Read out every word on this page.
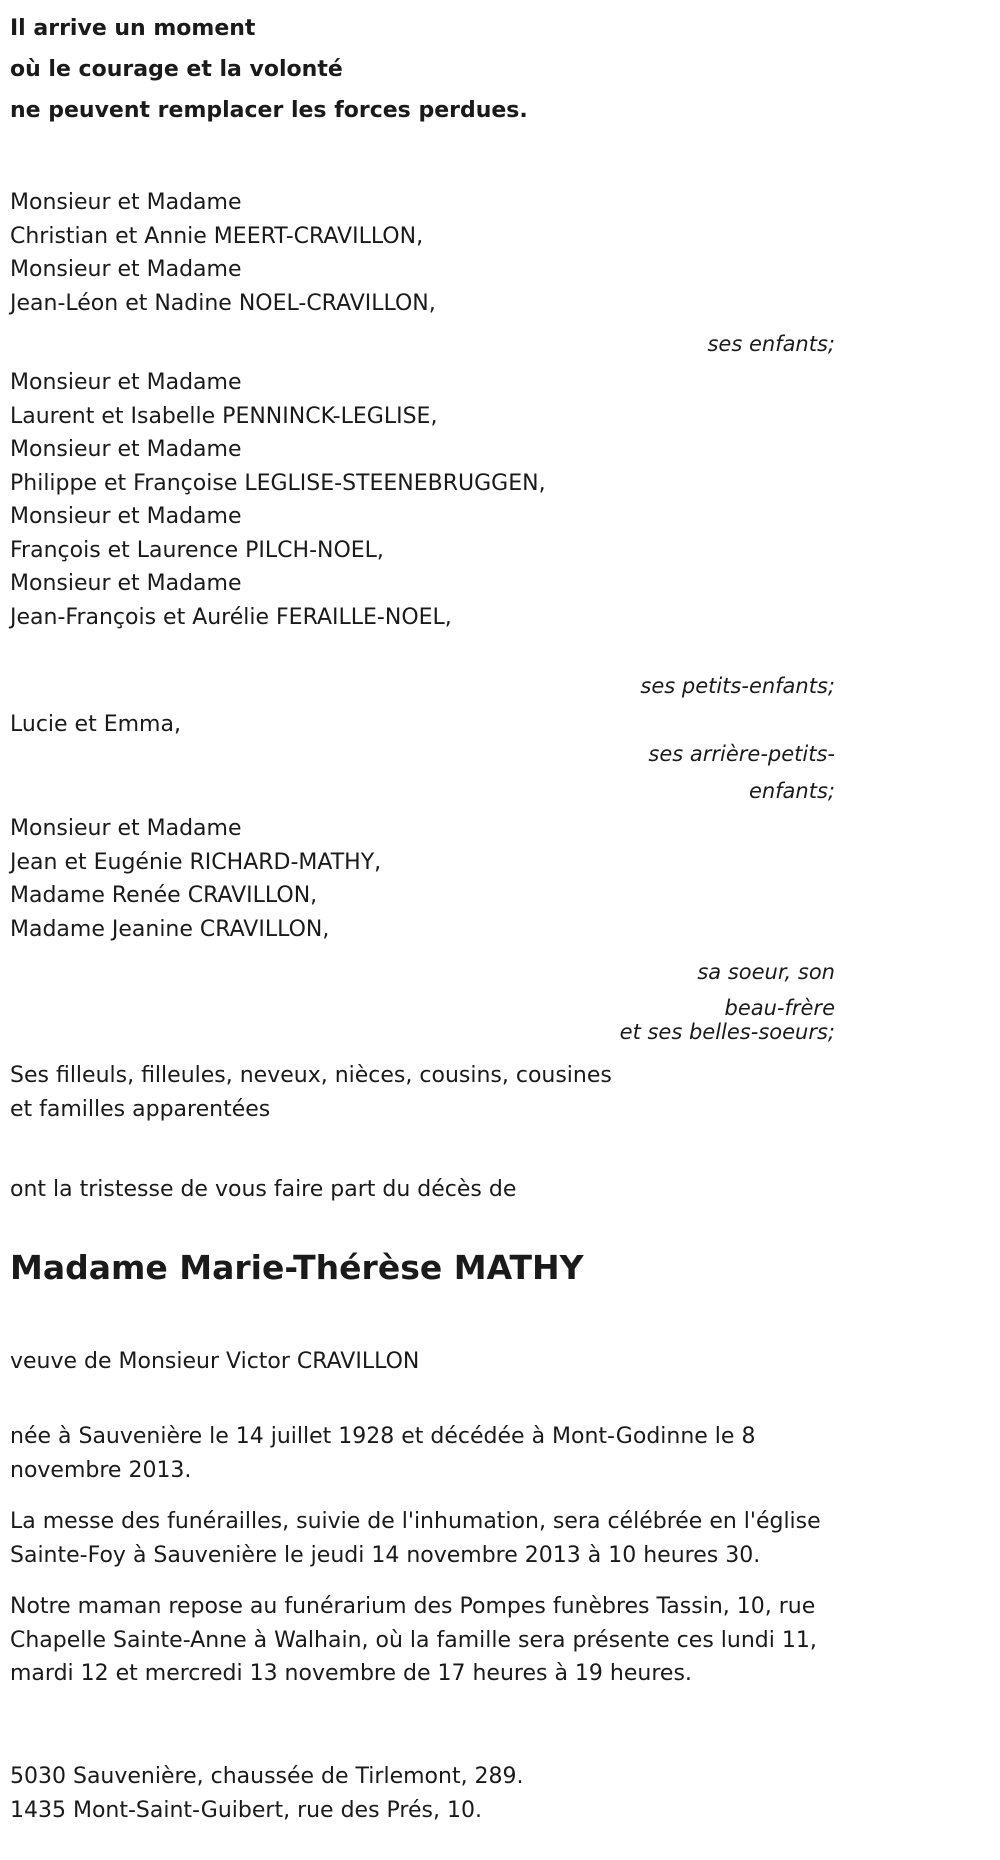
Il arrive un moment
où le courage et la volonté
ne peuvent remplacer les forces perdues.
Monsieur et Madame
Christian et Annie MEERT-CRAVILLON,
Monsieur et Madame
Jean-Léon et Nadine NOEL-CRAVILLON,
ses enfants;
Monsieur et Madame
Laurent et Isabelle PENNINCK-LEGLISE,
Monsieur et Madame
Philippe et Françoise LEGLISE-STEENEBRUGGEN,
Monsieur et Madame
François et Laurence PILCH-NOEL,
Monsieur et Madame
Jean-François et Aurélie FERAILLE-NOEL,
ses petits-enfants;
Lucie et Emma,
ses arrière-petits-
enfants;
Monsieur et Madame
Jean et Eugénie RICHARD-MATHY,
Madame Renée CRAVILLON,
Madame Jeanine CRAVILLON,
sa soeur, son
beau-frère
et ses belles-soeurs;
Ses filleuls, filleules, neveux, nièces, cousins, cousines
et familles apparentées
ont la tristesse de vous faire part du décès de
Madame Marie-Thérèse MATHY
veuve de Monsieur Victor CRAVILLON
née à Sauvenière le 14 juillet 1928 et décédée à Mont-Godinne le 8 novembre 2013.
La messe des funérailles, suivie de l'inhumation, sera célébrée en l'église Sainte-Foy à Sauvenière le jeudi 14 novembre 2013 à 10 heures 30.
Notre maman repose au funérarium des Pompes funèbres Tassin, 10, rue Chapelle Sainte-Anne à Walhain, où la famille sera présente ces lundi 11, mardi 12 et mercredi 13 novembre de 17 heures à 19 heures.
5030 Sauvenière, chaussée de Tirlemont, 289.
1435 Mont-Saint-Guibert, rue des Prés, 10.
